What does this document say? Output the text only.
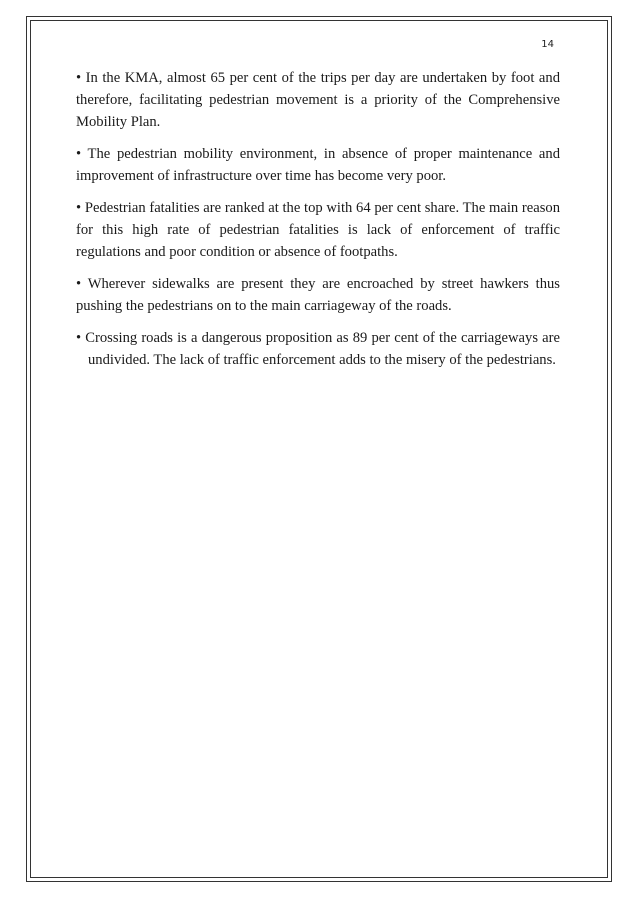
14

• In the KMA, almost 65 per cent of the trips per day are undertaken by foot and therefore, facilitating pedestrian movement is a priority of the Comprehensive Mobility Plan.

• The pedestrian mobility environment, in absence of proper maintenance and improvement of infrastructure over time has become very poor.

• Pedestrian fatalities are ranked at the top with 64 per cent share. The main reason for this high rate of pedestrian fatalities is lack of enforcement of traffic regulations and poor condition or absence of footpaths.

• Wherever sidewalks are present they are encroached by street hawkers thus pushing the pedestrians on to the main carriageway of the roads.

• Crossing roads is a dangerous proposition as 89 per cent of the carriageways are undivided. The lack of traffic enforcement adds to the misery of the pedestrians.
